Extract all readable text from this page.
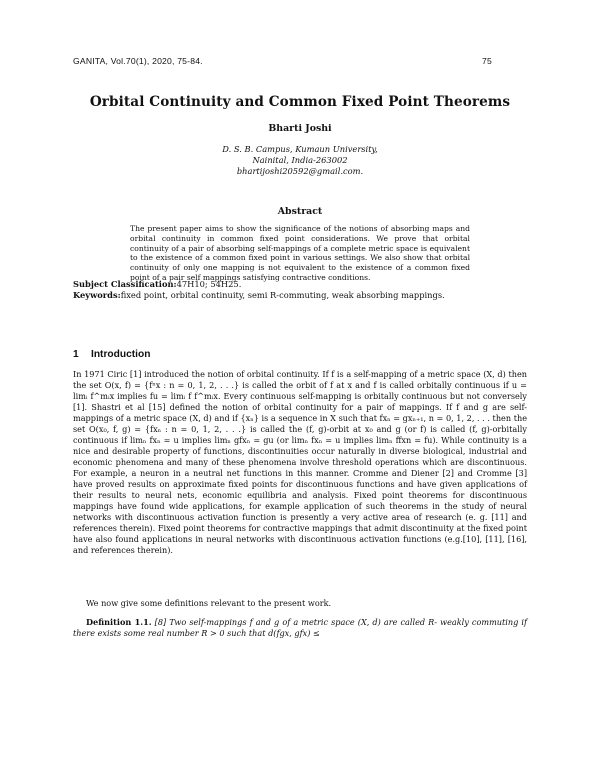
GANITA, Vol.70(1), 2020, 75-84.	75
Orbital Continuity and Common Fixed Point Theorems
Bharti Joshi
D. S. B. Campus, Kumaun University,
Nainital, India-263002
bhartijoshi20592@gmail.com.
Abstract
The present paper aims to show the significance of the notions of absorbing maps and orbital continuity in common fixed point considerations. We prove that orbital continuity of a pair of absorbing self-mappings of a complete metric space is equivalent to the existence of a common fixed point in various settings. We also show that orbital continuity of only one mapping is not equivalent to the existence of a common fixed point of a pair self mappings satisfying contractive conditions.
Subject Classification:47H10; 54H25.
Keywords:fixed point, orbital continuity, semi R-commuting, weak absorbing mappings.
1 Introduction
In 1971 Ciric [1] introduced the notion of orbital continuity. If f is a self-mapping of a metric space (X, d) then the set O(x, f) = {fⁿx : n = 0, 1, 2, . . .} is called the orbit of f at x and f is called orbitally continuous if u = limᵢ f^mᵢx implies fu = limᵢ f f^mᵢx. Every continuous self-mapping is orbitally continuous but not conversely [1]. Shastri et al [15] defined the notion of orbital continuity for a pair of mappings. If f and g are self-mappings of a metric space (X, d) and if {xₙ} is a sequence in X such that fxₙ = gxₙ₊₁, n = 0, 1, 2, . . . then the set O(x₀, f, g) = {fxₙ : n = 0, 1, 2, . . .} is called the (f, g)-orbit at x₀ and g (or f) is called (f, g)-orbitally continuous if limₙ fxₙ = u implies limₙ gfxₙ = gu (or limₙ fxₙ = u implies limₙ ffxn = fu). While continuity is a nice and desirable property of functions, discontinuities occur naturally in diverse biological, industrial and economic phenomena and many of these phenomena involve threshold operations which are discontinuous. For example, a neuron in a neutral net functions in this manner. Cromme and Diener [2] and Cromme [3] have proved results on approximate fixed points for discontinuous functions and have given applications of their results to neural nets, economic equilibria and analysis. Fixed point theorems for discontinuous mappings have found wide applications, for example application of such theorems in the study of neural networks with discontinuous activation function is presently a very active area of research (e. g. [11] and references therein). Fixed point theorems for contractive mappings that admit discontinuity at the fixed point have also found applications in neural networks with discontinuous activation functions (e.g.[10], [11], [16], and references therein).
We now give some definitions relevant to the present work.
Definition 1.1. [8] Two self-mappings f and g of a metric space (X, d) are called R- weakly commuting if there exists some real number R > 0 such that d(fgx, gfx) ≤
